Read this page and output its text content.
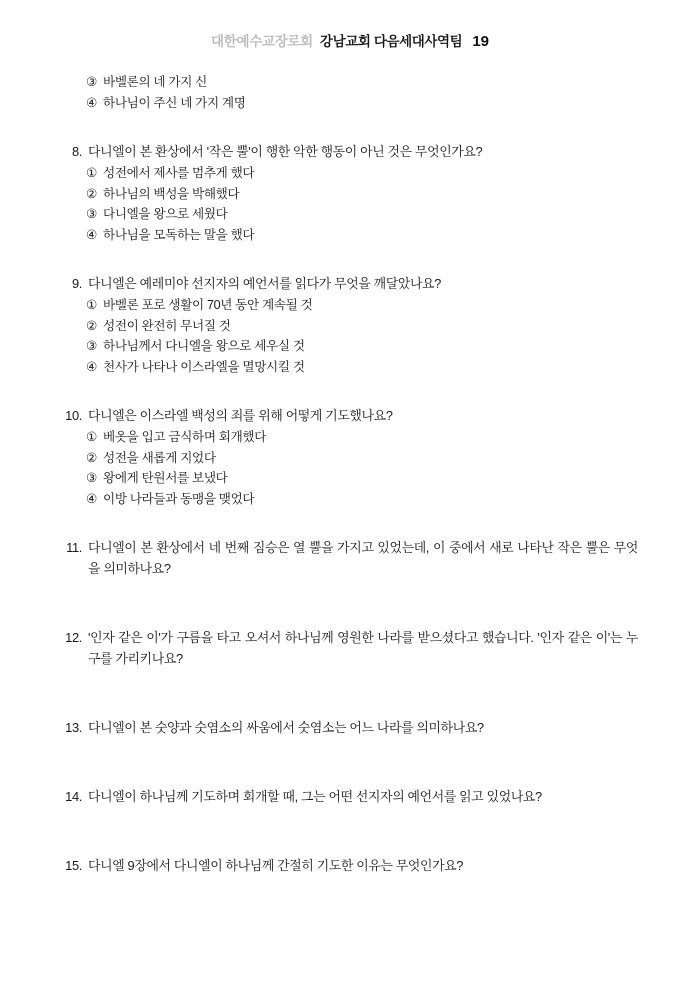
대한예수교장로회 강남교회 다음세대사역팀 19
③ 바벨론의 네 가지 신
④ 하나님이 주신 네 가지 계명
8. 다니엘이 본 환상에서 '작은 뿔'이 행한 악한 행동이 아닌 것은 무엇인가요?
① 성전에서 제사를 멈추게 했다
② 하나님의 백성을 박해했다
③ 다니엘을 왕으로 세웠다
④ 하나님을 모독하는 말을 했다
9. 다니엘은 예레미야 선지자의 예언서를 읽다가 무엇을 깨달았나요?
① 바벨론 포로 생활이 70년 동안 계속될 것
② 성전이 완전히 무너질 것
③ 하나님께서 다니엘을 왕으로 세우실 것
④ 천사가 나타나 이스라엘을 멸망시킬 것
10. 다니엘은 이스라엘 백성의 죄를 위해 어떻게 기도했나요?
① 베옷을 입고 금식하며 회개했다
② 성전을 새롭게 지었다
③ 왕에게 탄원서를 보냈다
④ 이방 나라들과 동맹을 맺었다
11. 다니엘이 본 환상에서 네 번째 짐승은 열 뿔을 가지고 있었는데, 이 중에서 새로 나타난 작은 뿔은 무엇을 의미하나요?
12. '인자 같은 이'가 구름을 타고 오셔서 하나님께 영원한 나라를 받으셨다고 했습니다. '인자 같은 이'는 누구를 가리키나요?
13. 다니엘이 본 숫양과 숫염소의 싸움에서 숫염소는 어느 나라를 의미하나요?
14. 다니엘이 하나님께 기도하며 회개할 때, 그는 어떤 선지자의 예언서를 읽고 있었나요?
15. 다니엘 9장에서 다니엘이 하나님께 간절히 기도한 이유는 무엇인가요?
